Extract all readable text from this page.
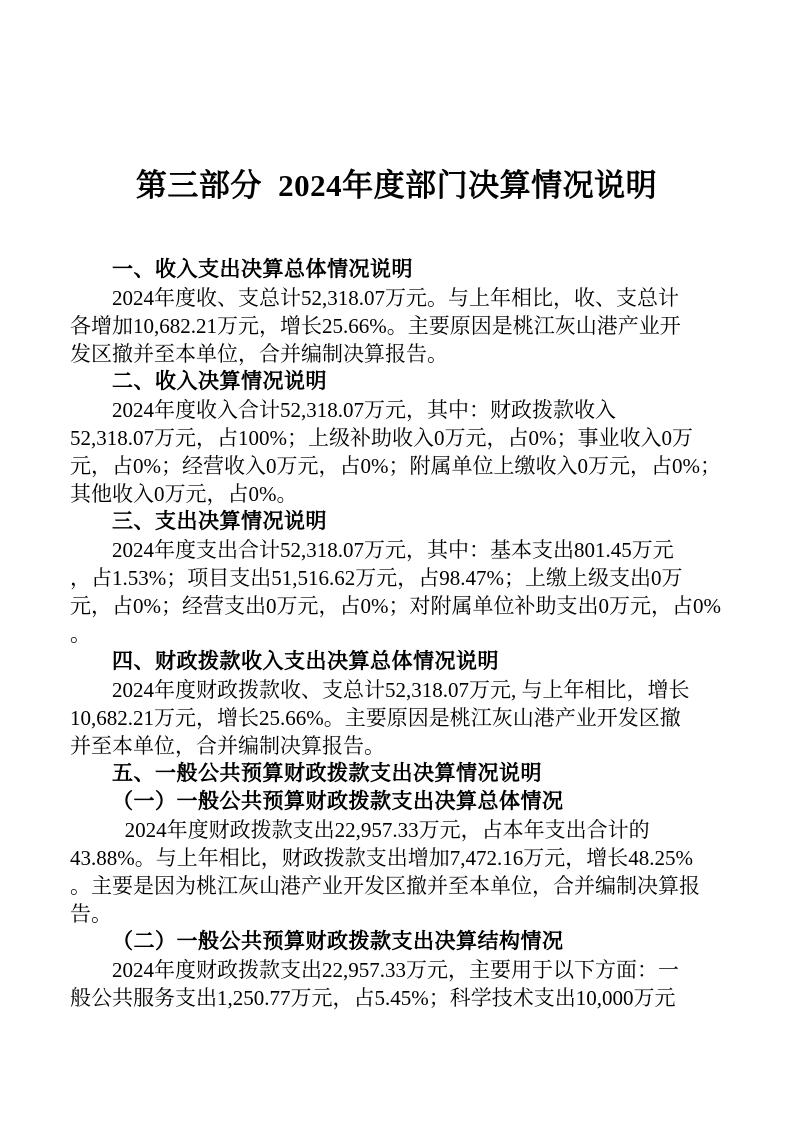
第三部分 2024年度部门决算情况说明
一、收入支出决算总体情况说明
2024年度收、支总计52,318.07万元。与上年相比，收、支总计
各增加10,682.21万元，增长25.66%。主要原因是桃江灰山港产业开
发区撤并至本单位，合并编制决算报告。
二、收入决算情况说明
2024年度收入合计52,318.07万元，其中：财政拨款收入
52,318.07万元，占100%；上级补助收入0万元，占0%；事业收入0万
元，占0%；经营收入0万元，占0%；附属单位上缴收入0万元，占0%；
其他收入0万元，占0%。
三、支出决算情况说明
2024年度支出合计52,318.07万元，其中：基本支出801.45万元
，占1.53%；项目支出51,516.62万元，占98.47%；上缴上级支出0万
元，占0%；经营支出0万元，占0%；对附属单位补助支出0万元，占0%
。
四、财政拨款收入支出决算总体情况说明
2024年度财政拨款收、支总计52,318.07万元, 与上年相比，增长
10,682.21万元，增长25.66%。主要原因是桃江灰山港产业开发区撤
并至本单位，合并编制决算报告。
五、一般公共预算财政拨款支出决算情况说明
（一）一般公共预算财政拨款支出决算总体情况
2024年度财政拨款支出22,957.33万元，占本年支出合计的
43.88%。与上年相比，财政拨款支出增加7,472.16万元，增长48.25%
。主要是因为桃江灰山港产业开发区撤并至本单位，合并编制决算报
告。
（二）一般公共预算财政拨款支出决算结构情况
2024年度财政拨款支出22,957.33万元，主要用于以下方面：一
般公共服务支出1,250.77万元，占5.45%；科学技术支出10,000万元
